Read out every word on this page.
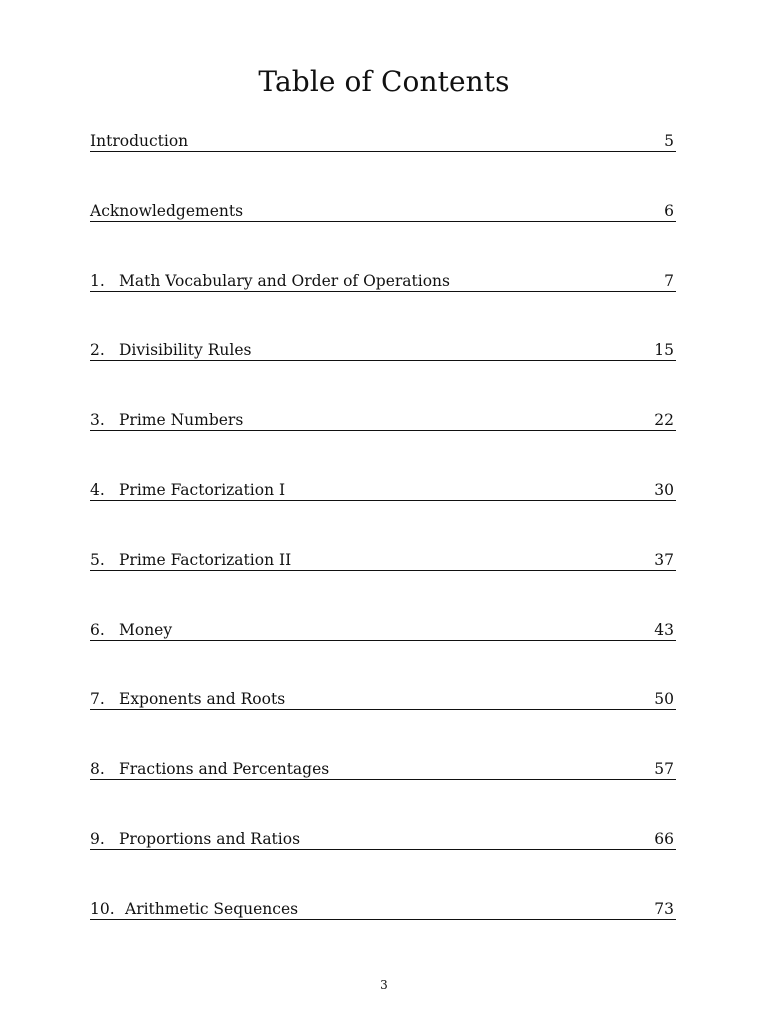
Table of Contents
Introduction	5
Acknowledgements	6
1. Math Vocabulary and Order of Operations	7
2. Divisibility Rules	15
3. Prime Numbers	22
4. Prime Factorization I	30
5. Prime Factorization II	37
6. Money	43
7. Exponents and Roots	50
8. Fractions and Percentages	57
9. Proportions and Ratios	66
10. Arithmetic Sequences	73
3
